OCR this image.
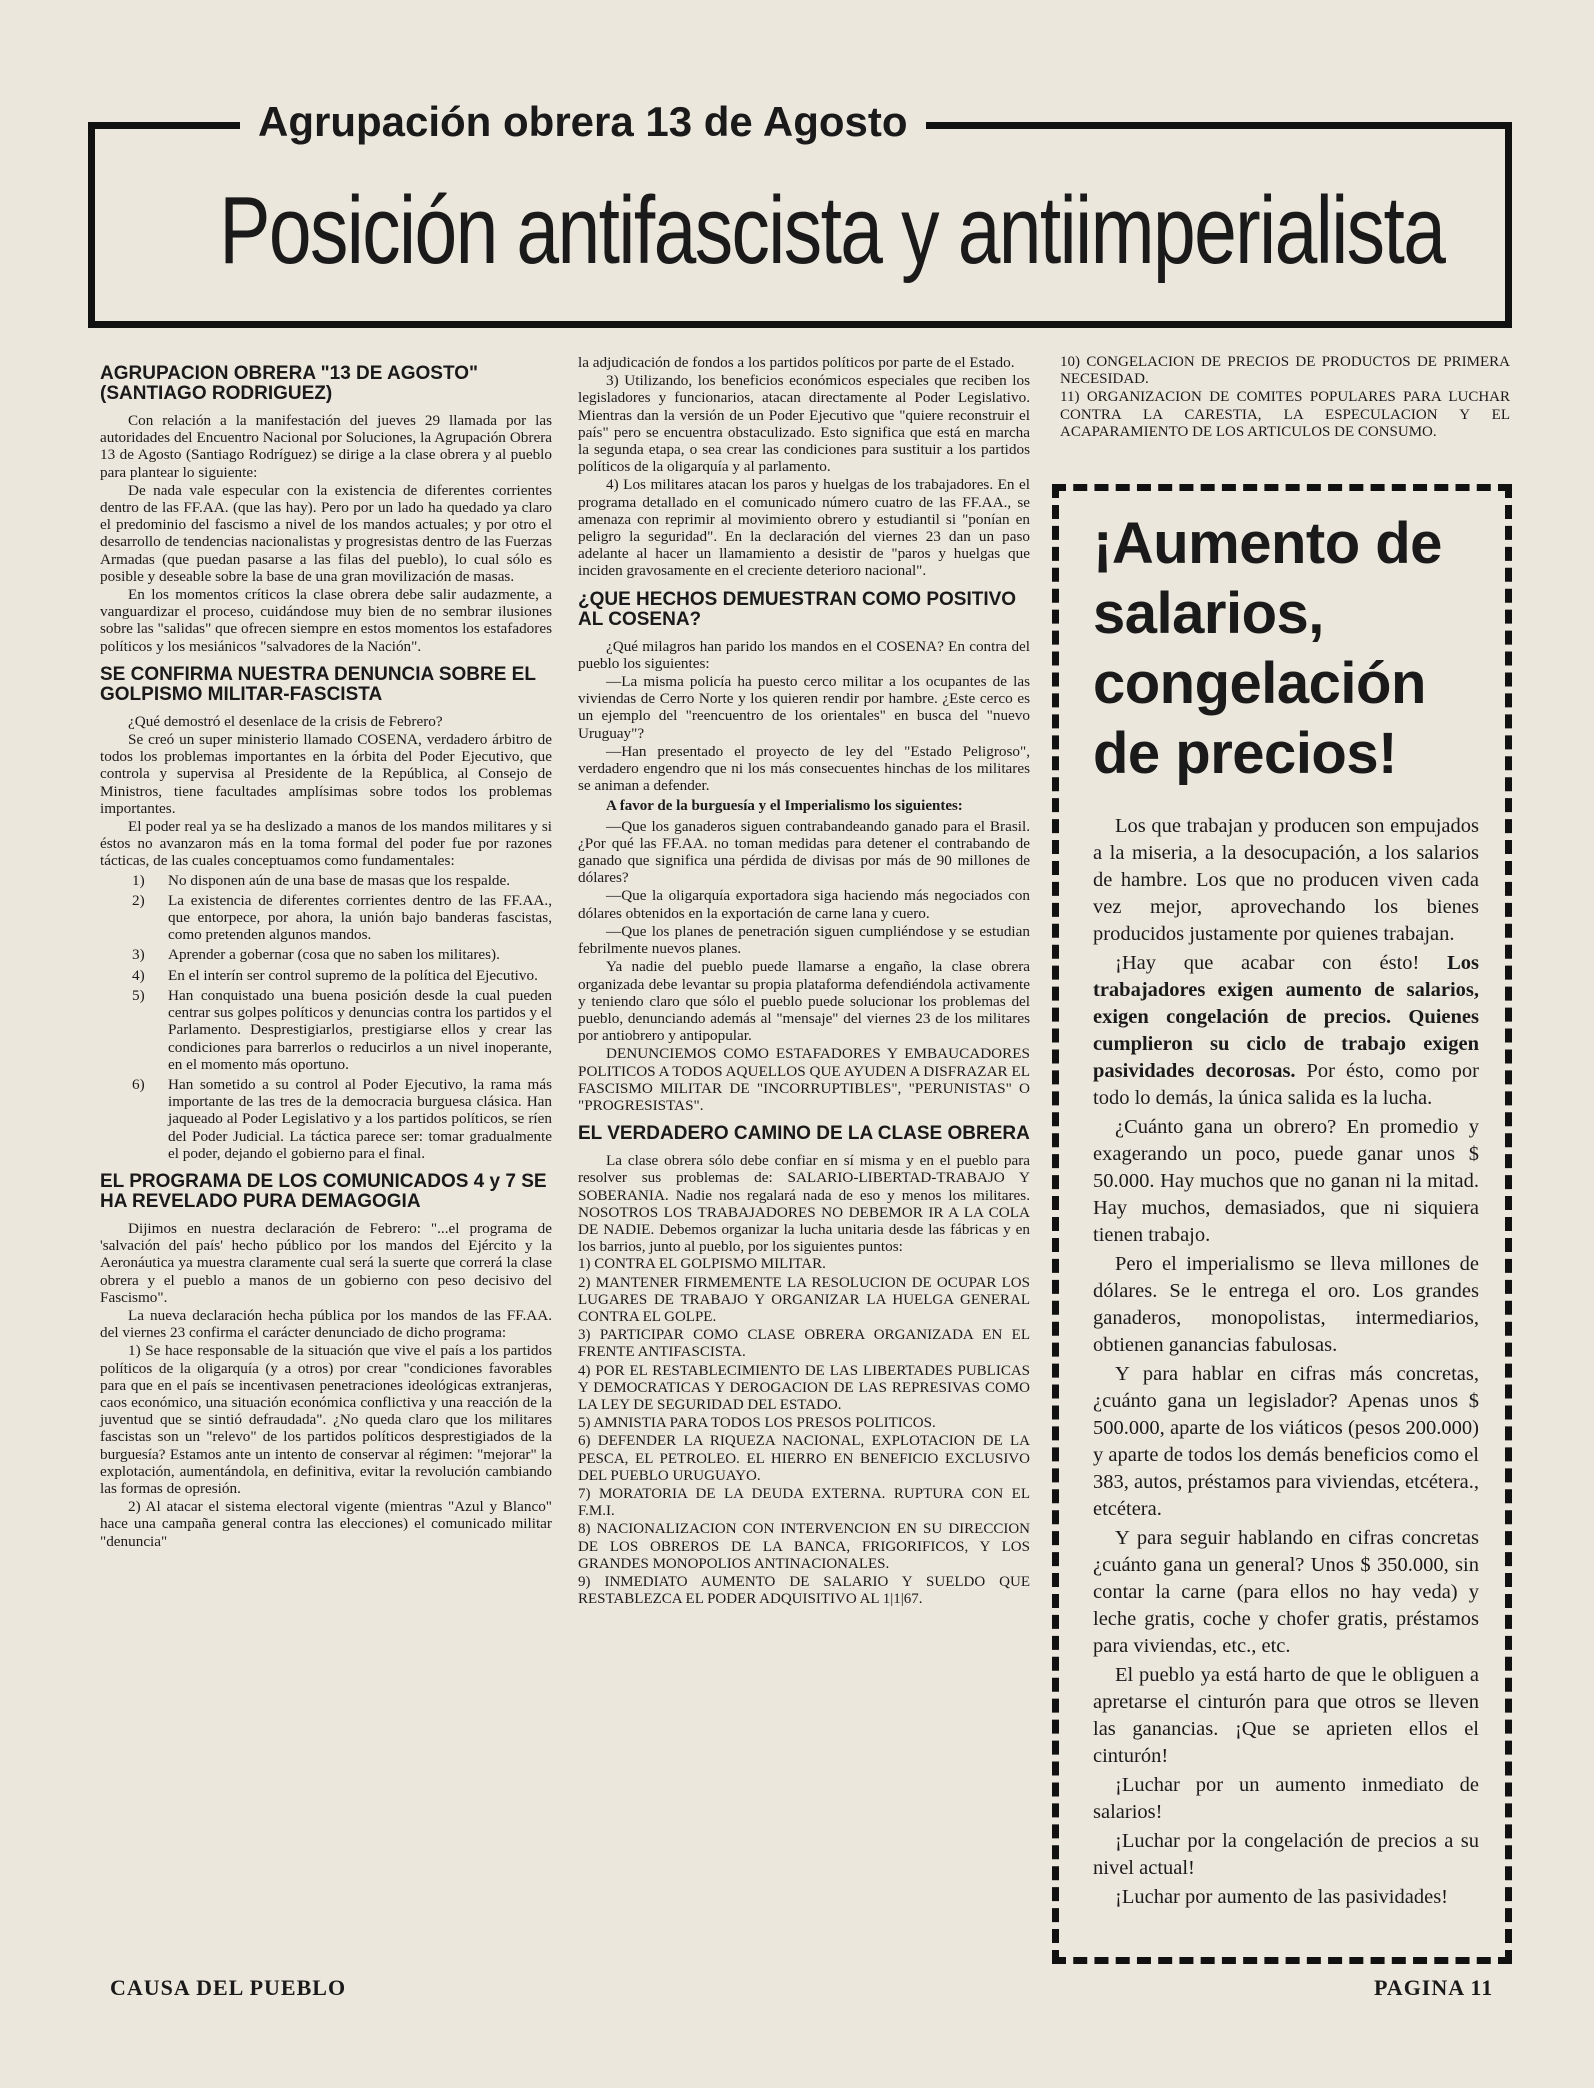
Agrupación obrera 13 de Agosto
Posición antifascista y antiimperialista
AGRUPACION OBRERA "13 DE AGOSTO" (SANTIAGO RODRIGUEZ)

Con relación a la manifestación del jueves 29 llamada por las autoridades del Encuentro Nacional por Soluciones, la Agrupación Obrera 13 de Agosto (Santiago Rodríguez) se dirige a la clase obrera y al pueblo para plantear lo siguiente:

De nada vale especular con la existencia de diferentes corrientes dentro de las FF.AA. (que las hay). Pero por un lado ha quedado ya claro el predominio del fascismo a nivel de los mandos actuales; y por otro el desarrollo de tendencias nacionalistas y progresistas dentro de las Fuerzas Armadas (que puedan pasarse a las filas del pueblo), lo cual sólo es posible y deseable sobre la base de una gran movilización de masas.

En los momentos críticos la clase obrera debe salir audazmente, a vanguardizar el proceso, cuidándose muy bien de no sembrar ilusiones sobre las "salidas" que ofrecen siempre en estos momentos los estafadores políticos y los mesiánicos "salvadores de la Nación".

SE CONFIRMA NUESTRA DENUNCIA SOBRE EL GOLPISMO MILITAR-FASCISTA

¿Qué demostró el desenlace de la crisis de Febrero?

Se creó un super ministerio llamado COSENA, verdadero árbitro de todos los problemas importantes en la órbita del Poder Ejecutivo, que controla y supervisa al Presidente de la República, al Consejo de Ministros, tiene facultades amplísimas sobre todos los problemas importantes.

El poder real ya se ha deslizado a manos de los mandos militares y si éstos no avanzaron más en la toma formal del poder fue por razones tácticas, de las cuales conceptuamos como fundamentales:

1) No disponen aún de una base de masas que los respalde.
2) La existencia de diferentes corrientes dentro de las FF.AA., que entorpece, por ahora, la unión bajo banderas fascistas, como pretenden algunos mandos.
3) Aprender a gobernar (cosa que no saben los militares).
4) En el interín ser control supremo de la política del Ejecutivo.
5) Han conquistado una buena posición desde la cual pueden centrar sus golpes políticos y denuncias contra los partidos y el Parlamento. Desprestigiarlos, prestigiarse ellos y crear las condiciones para barrerlos o reducirlos a un nivel inoperante, en el momento más oportuno.
6) Han sometido a su control al Poder Ejecutivo, la rama más importante de las tres de la democracia burguesa clásica. Han jaqueado al Poder Legislativo y a los partidos políticos, se ríen del Poder Judicial. La táctica parece ser: tomar gradualmente el poder, dejando el gobierno para el final.
EL PROGRAMA DE LOS COMUNICADOS 4 y 7 SE HA REVELADO PURA DEMAGOGIA

Dijimos en nuestra declaración de Febrero: "...el programa de 'salvación del país' hecho público por los mandos del Ejército y la Aeronáutica ya muestra claramente cual será la suerte que correrá la clase obrera y el pueblo a manos de un gobierno con peso decisivo del Fascismo".

La nueva declaración hecha pública por los mandos de las FF.AA. del viernes 23 confirma el carácter denunciado de dicho programa:

1) Se hace responsable de la situación que vive el país a los partidos políticos de la oligarquía (y a otros) por crear "condiciones favorables para que en el país se incentivasen penetraciones ideológicas extranjeras, caos económico, una situación económica conflictiva y una reacción de la juventud que se sintió defraudada". ¿No queda claro que los militares fascistas son un "relevo" de los partidos políticos desprestigiados de la burguesía? Estamos ante un intento de conservar al régimen: "mejorar" la explotación, aumentándola, en definitiva, evitar la revolución cambiando las formas de opresión.

2) Al atacar el sistema electoral vigente (mientras "Azul y Blanco" hace una campaña general contra las elecciones) el comunicado militar "denuncia"

la adjudicación de fondos a los partidos políticos por parte de el Estado.

3) Utilizando, los beneficios económicos especiales que reciben los legisladores y funcionarios, atacan directamente al Poder Legislativo. Mientras dan la versión de un Poder Ejecutivo que "quiere reconstruir el país" pero se encuentra obstaculizado. Esto significa que está en marcha la segunda etapa, o sea crear las condiciones para sustituir a los partidos políticos de la oligarquía y al parlamento.

4) Los militares atacan los paros y huelgas de los trabajadores. En el programa detallado en el comunicado número cuatro de las FF.AA., se amenaza con reprimir al movimiento obrero y estudiantil si "ponían en peligro la seguridad". En la declaración del viernes 23 dan un paso adelante al hacer un llamamiento a desistir de "paros y huelgas que inciden gravosamente en el creciente deterioro nacional".

¿QUE HECHOS DEMUESTRAN COMO POSITIVO AL COSENA?

¿Qué milagros han parido los mandos en el COSENA? En contra del pueblo los siguientes:

—La misma policía ha puesto cerco militar a los ocupantes de las viviendas de Cerro Norte y los quieren rendir por hambre. ¿Este cerco es un ejemplo del "reencuentro de los orientales" en busca del "nuevo Uruguay"?

—Han presentado el proyecto de ley del "Estado Peligroso", verdadero engendro que ni los más consecuentes hinchas de los militares se animan a defender.

A favor de la burguesía y el Imperialismo los siguientes:

—Que los ganaderos siguen contrabandeando ganado para el Brasil. ¿Por qué las FF.AA. no toman medidas para detener el contrabando de ganado que significa una pérdida de divisas por más de 90 millones de dólares?

—Que la oligarquía exportadora siga haciendo más negociados con dólares obtenidos en la exportación de carne lana y cuero.

—Que los planes de penetración siguen cumpliéndose y se estudian febrilmente nuevos planes.

Ya nadie del pueblo puede llamarse a engaño, la clase obrera organizada debe levantar su propia plataforma defendiéndola activamente y teniendo claro que sólo el pueblo puede solucionar los problemas del pueblo, denunciando además al "mensaje" del viernes 23 de los militares por antiobrero y antipopular.

DENUNCIEMOS COMO ESTAFADORES Y EMBAUCADORES POLITICOS A TODOS AQUELLOS QUE AYUDEN A DISFRAZAR EL FASCISMO MILITAR DE "INCORRUPTIBLES", "PERUNISTAS" O "PROGRESISTAS".

EL VERDADERO CAMINO DE LA CLASE OBRERA

La clase obrera sólo debe confiar en sí misma y en el pueblo para resolver sus problemas de: SALARIO-LIBERTAD-TRABAJO Y SOBERANIA. Nadie nos regalará nada de eso y menos los militares. NOSOTROS LOS TRABAJADORES NO DEBEMOR IR A LA COLA DE NADIE. Debemos organizar la lucha unitaria desde las fábricas y en los barrios, junto al pueblo, por los siguientes puntos:

1) CONTRA EL GOLPISMO MILITAR.

2) MANTENER FIRMEMENTE LA RESOLUCION DE OCUPAR LOS LUGARES DE TRABAJO Y ORGANIZAR LA HUELGA GENERAL CONTRA EL GOLPE.

3) PARTICIPAR COMO CLASE OBRERA ORGANIZADA EN EL FRENTE ANTIFASCISTA.

4) POR EL RESTABLECIMIENTO DE LAS LIBERTADES PUBLICAS Y DEMOCRATICAS Y DEROGACION DE LAS REPRESIVAS COMO LA LEY DE SEGURIDAD DEL ESTADO.

5) AMNISTIA PARA TODOS LOS PRESOS POLITICOS.

6) DEFENDER LA RIQUEZA NACIONAL, EXPLOTACION DE LA PESCA, EL PETROLEO. EL HIERRO EN BENEFICIO EXCLUSIVO DEL PUEBLO URUGUAYO.

7) MORATORIA DE LA DEUDA EXTERNA. RUPTURA CON EL F.M.I.

8) NACIONALIZACION CON INTERVENCION EN SU DIRECCION DE LOS OBREROS DE LA BANCA, FRIGORIFICOS, Y LOS GRANDES MONOPOLIOS ANTINACIONALES.

9) INMEDIATO AUMENTO DE SALARIO Y SUELDO QUE RESTABLEZCA EL PODER ADQUISITIVO AL 1|1|67.

10) CONGELACION DE PRECIOS DE PRODUCTOS DE PRIMERA NECESIDAD.

11) ORGANIZACION DE COMITES POPULARES PARA LUCHAR CONTRA LA CARESTIA, LA ESPECULACION Y EL ACAPARAMIENTO DE LOS ARTICULOS DE CONSUMO.

¡Aumento de salarios, congelación de precios!

Los que trabajan y producen son empujados a la miseria, a la desocupación, a los salarios de hambre. Los que no producen viven cada vez mejor, aprovechando los bienes producidos justamente por quienes trabajan.

¡Hay que acabar con ésto! Los trabajadores exigen aumento de salarios, exigen congelación de precios. Quienes cumplieron su ciclo de trabajo exigen pasividades decorosas. Por ésto, como por todo lo demás, la única salida es la lucha.

¿Cuánto gana un obrero? En promedio y exagerando un poco, puede ganar unos $ 50.000. Hay muchos que no ganan ni la mitad. Hay muchos, demasiados, que ni siquiera tienen trabajo.

Pero el imperialismo se lleva millones de dólares. Se le entrega el oro. Los grandes ganaderos, monopolistas, intermediarios, obtienen ganancias fabulosas.

Y para hablar en cifras más concretas, ¿cuánto gana un legislador? Apenas unos $ 500.000, aparte de los viáticos (pesos 200.000) y aparte de todos los demás beneficios como el 383, autos, préstamos para viviendas, etcétera., etcétera.

Y para seguir hablando en cifras concretas ¿cuánto gana un general? Unos $ 350.000, sin contar la carne (para ellos no hay veda) y leche gratis, coche y chofer gratis, préstamos para viviendas, etc., etc.

El pueblo ya está harto de que le obliguen a apretarse el cinturón para que otros se lleven las ganancias. ¡Que se aprieten ellos el cinturón!

¡Luchar por un aumento inmediato de salarios!

¡Luchar por la congelación de precios a su nivel actual!

¡Luchar por aumento de las pasividades!

CAUSA DEL PUEBLO	PAGINA 11
